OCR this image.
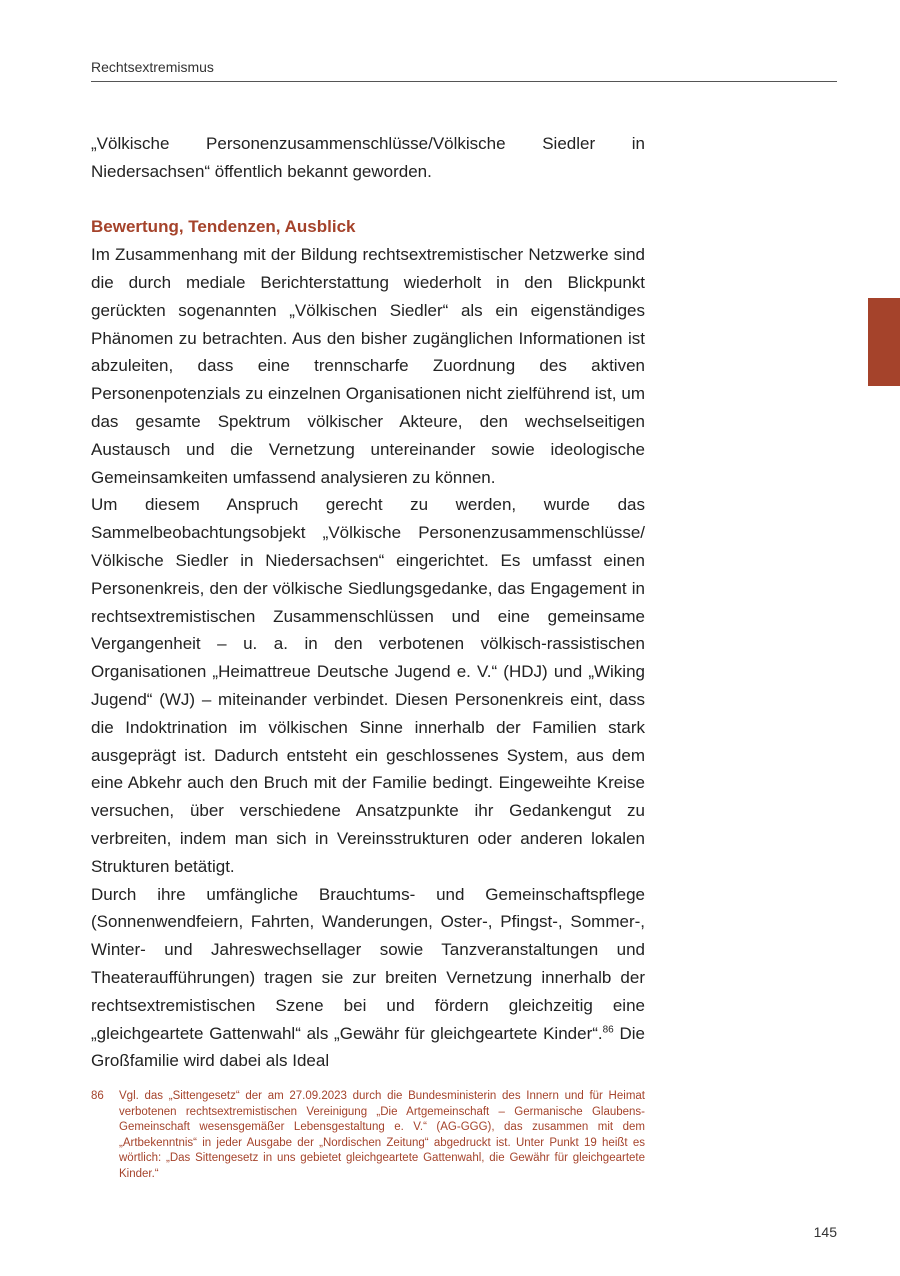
Rechtsextremismus

„Völkische Personenzusammenschlüsse/Völkische Siedler in Niedersachsen“ öffentlich bekannt geworden.

Bewertung, Tendenzen, Ausblick

Im Zusammenhang mit der Bildung rechtsextremistischer Netzwerke sind die durch mediale Berichterstattung wiederholt in den Blickpunkt gerückten sogenannten „Völkischen Siedler“ als ein eigenständiges Phänomen zu betrachten. Aus den bisher zugänglichen Informationen ist abzuleiten, dass eine trennscharfe Zuordnung des aktiven Personenpotenzials zu einzelnen Organisationen nicht zielführend ist, um das gesamte Spektrum völkischer Akteure, den wechselseitigen Austausch und die Vernetzung untereinander sowie ideologische Gemeinsamkeiten umfassend analysieren zu können.

Um diesem Anspruch gerecht zu werden, wurde das Sammelbeobachtungsobjekt „Völkische Personenzusammenschlüsse/ Völkische Siedler in Niedersachsen“ eingerichtet. Es umfasst einen Personenkreis, den der völkische Siedlungsgedanke, das Engagement in rechtsextremistischen Zusammenschlüssen und eine gemeinsame Vergangenheit – u. a. in den verbotenen völkisch-rassistischen Organisationen „Heimattreue Deutsche Jugend e. V.“ (HDJ) und „Wiking Jugend“ (WJ) – miteinander verbindet. Diesen Personenkreis eint, dass die Indoktrination im völkischen Sinne innerhalb der Familien stark ausgeprägt ist. Dadurch entsteht ein geschlossenes System, aus dem eine Abkehr auch den Bruch mit der Familie bedingt. Eingeweihte Kreise versuchen, über verschiedene Ansatzpunkte ihr Gedankengut zu verbreiten, indem man sich in Vereinsstrukturen oder anderen lokalen Strukturen betätigt.

Durch ihre umfängliche Brauchtums- und Gemeinschaftspflege (Sonnenwendfeiern, Fahrten, Wanderungen, Oster-, Pfingst-, Sommer-, Winter- und Jahreswechsellager sowie Tanzveranstaltungen und Theateraufführungen) tragen sie zur breiten Vernetzung innerhalb der rechtsextremistischen Szene bei und fördern gleichzeitig eine „gleichgeartete Gattenwahl“ als „Gewähr für gleichgeartete Kinder“.$^{86}$ Die Großfamilie wird dabei als Ideal

86	Vgl. das „Sittengesetz“ der am 27.09.2023 durch die Bundesministerin des Innern und für Heimat verbotenen rechtsextremistischen Vereinigung „Die Artgemeinschaft – Germanische Glaubens-Gemeinschaft wesensgemäßer Lebensgestaltung e. V.“ (AG-GGG), das zusammen mit dem „Artbekenntnis“ in jeder Ausgabe der „Nordischen Zeitung“ abgedruckt ist. Unter Punkt 19 heißt es wörtlich: „Das Sittengesetz in uns gebietet gleichgeartete Gattenwahl, die Gewähr für gleichgeartete Kinder.“
145
